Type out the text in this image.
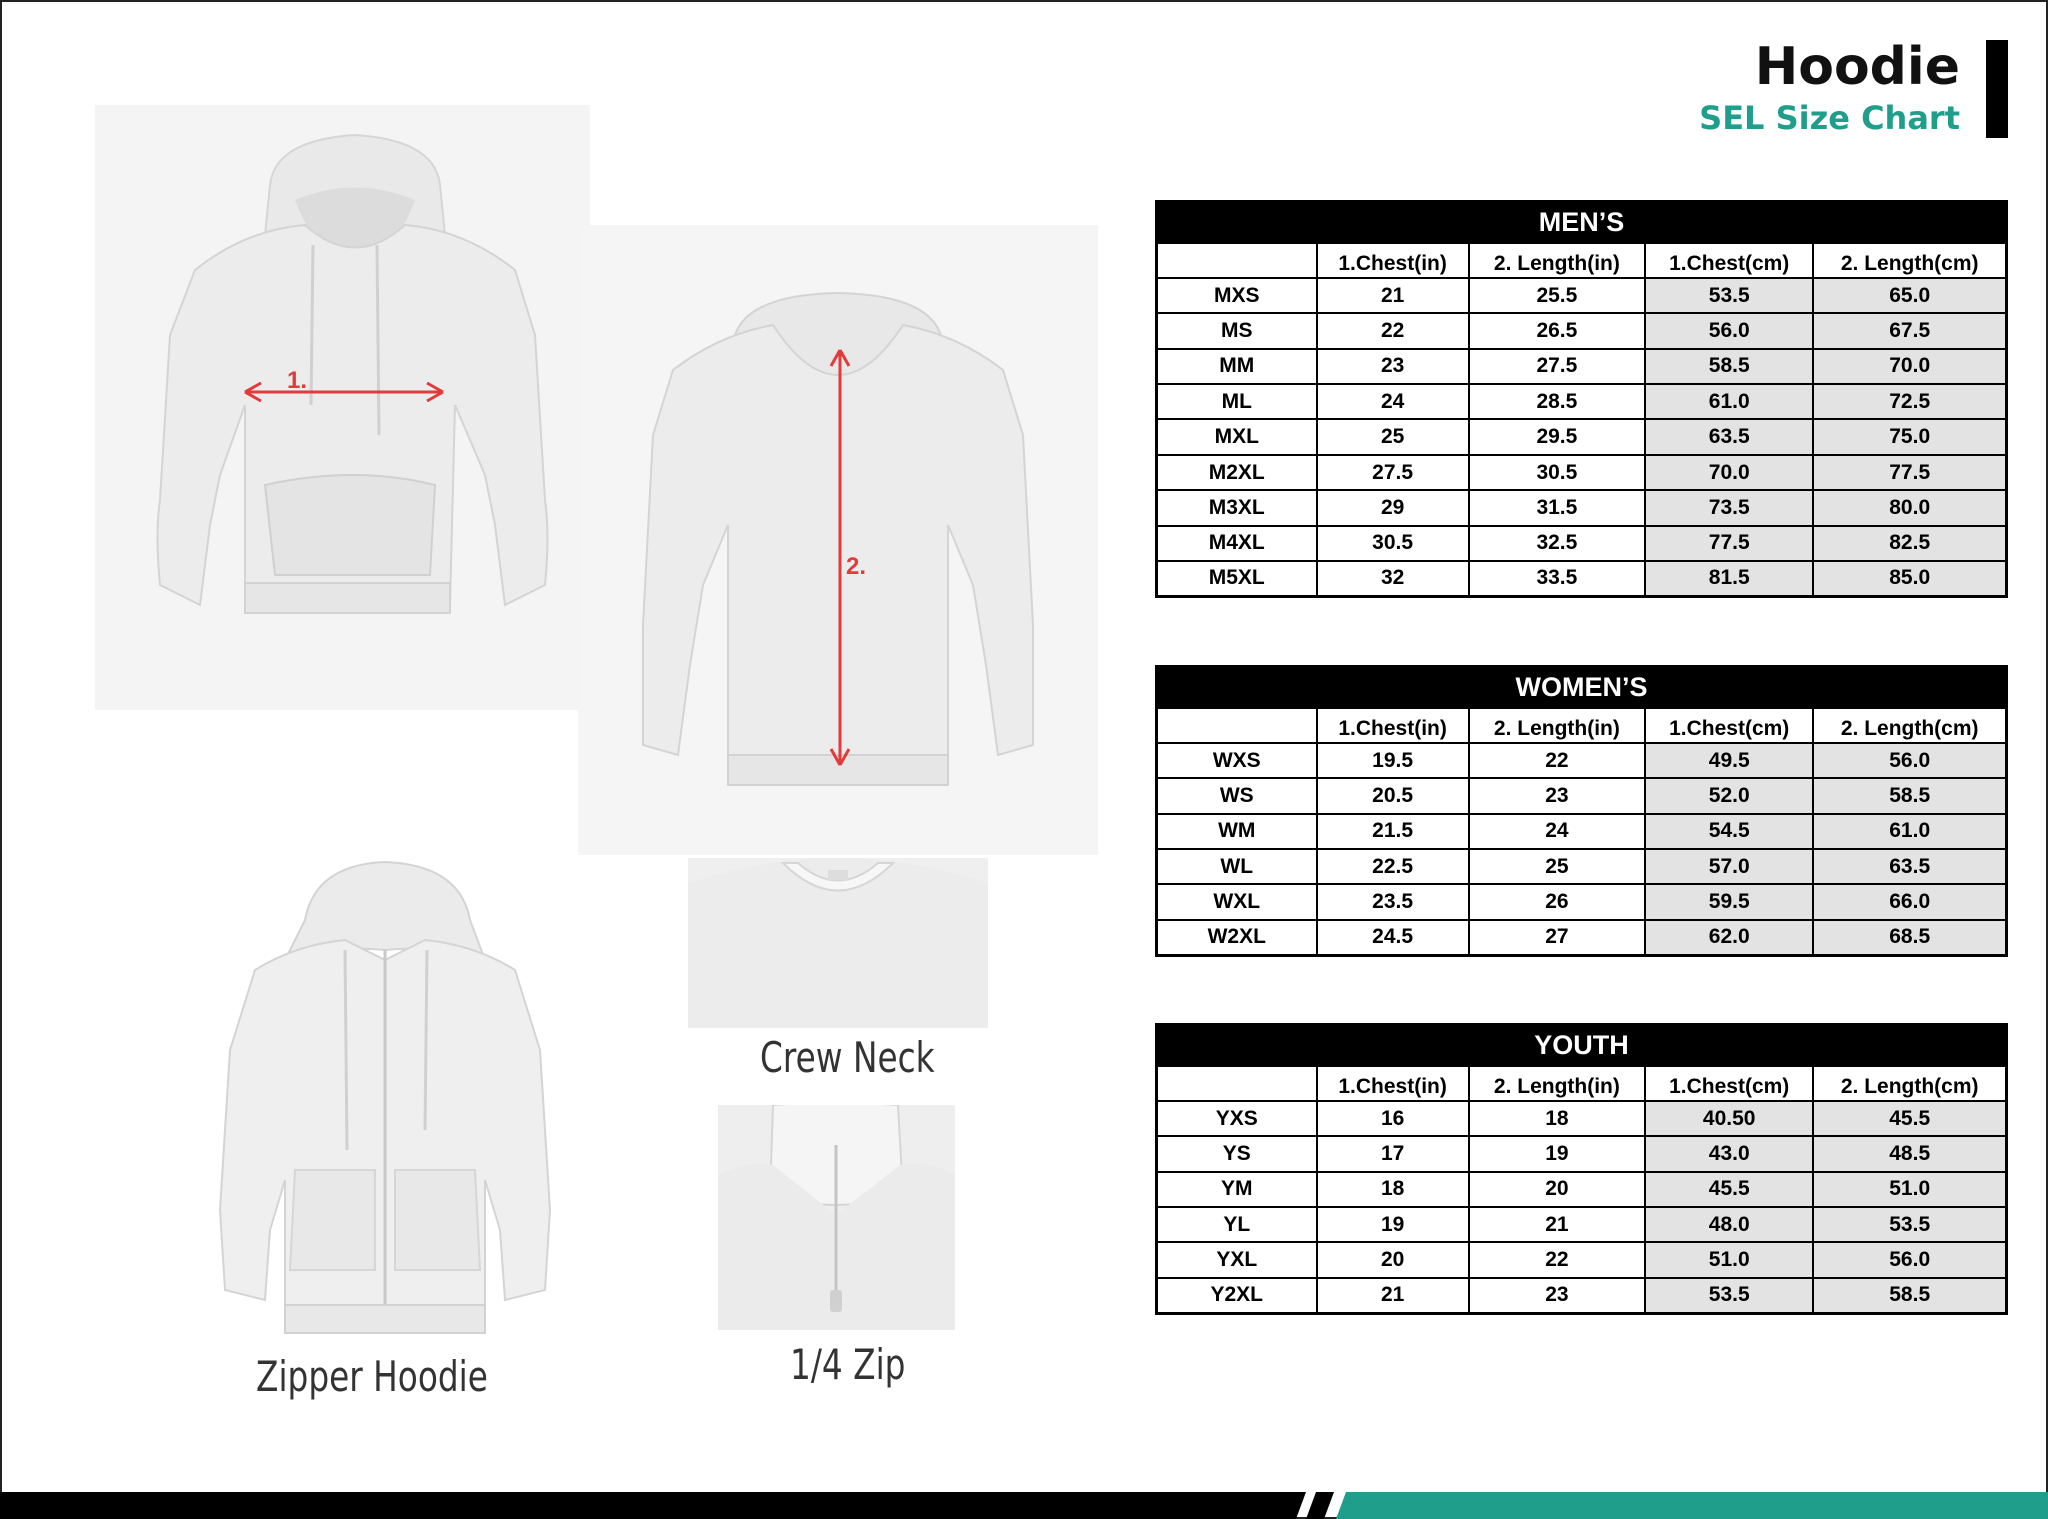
Hoodie
SEL Size Chart
1.
2.
Zipper Hoodie
Crew Neck
1/4 Zip
MEN’S				
	1.Chest(in)	2. Length(in)	1.Chest(cm)	2. Length(cm)
MXS	21	25.5	53.5	65.0
MS	22	26.5	56.0	67.5
MM	23	27.5	58.5	70.0
ML	24	28.5	61.0	72.5
MXL	25	29.5	63.5	75.0
M2XL	27.5	30.5	70.0	77.5
M3XL	29	31.5	73.5	80.0
M4XL	30.5	32.5	77.5	82.5
M5XL	32	33.5	81.5	85.0
WOMEN’S				
	1.Chest(in)	2. Length(in)	1.Chest(cm)	2. Length(cm)
WXS	19.5	22	49.5	56.0
WS	20.5	23	52.0	58.5
WM	21.5	24	54.5	61.0
WL	22.5	25	57.0	63.5
WXL	23.5	26	59.5	66.0
W2XL	24.5	27	62.0	68.5
YOUTH				
	1.Chest(in)	2. Length(in)	1.Chest(cm)	2. Length(cm)
YXS	16	18	40.50	45.5
YS	17	19	43.0	48.5
YM	18	20	45.5	51.0
YL	19	21	48.0	53.5
YXL	20	22	51.0	56.0
Y2XL	21	23	53.5	58.5
